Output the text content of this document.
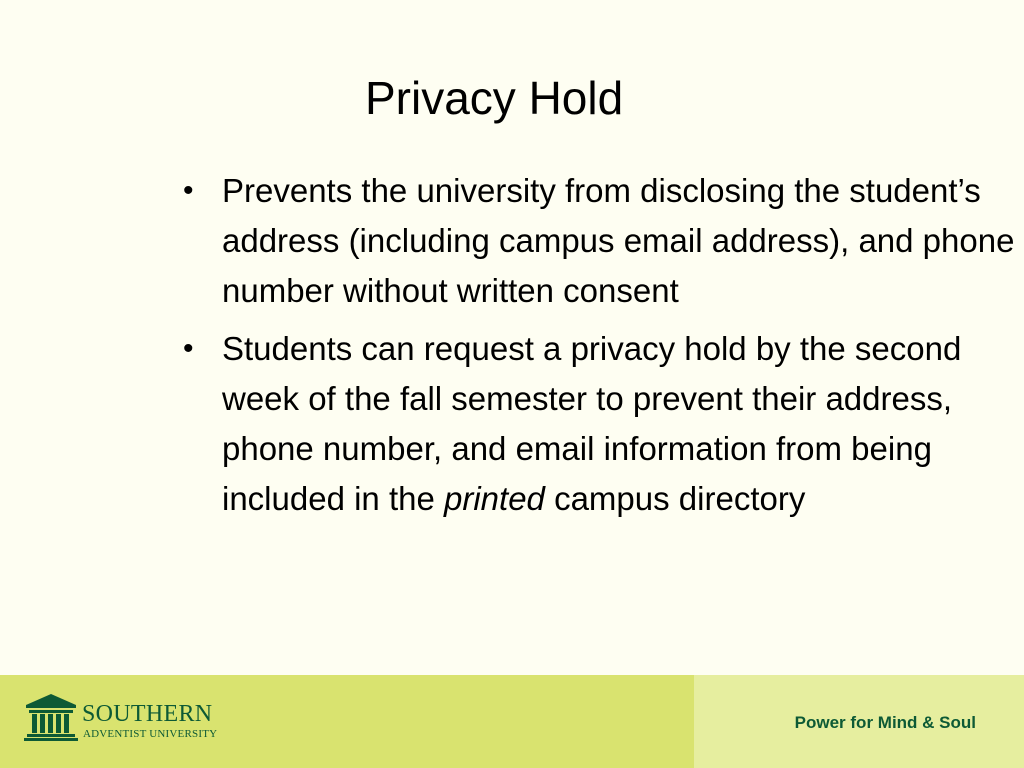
Privacy Hold
• Prevents the university from disclosing the student’s address (including campus email address), and phone number without written consent
• Students can request a privacy hold by the second week of the fall semester to prevent their address, phone number, and email information from being included in the printed campus directory
SOUTHERN
ADVENTIST UNIVERSITY
Power for Mind & Soul
